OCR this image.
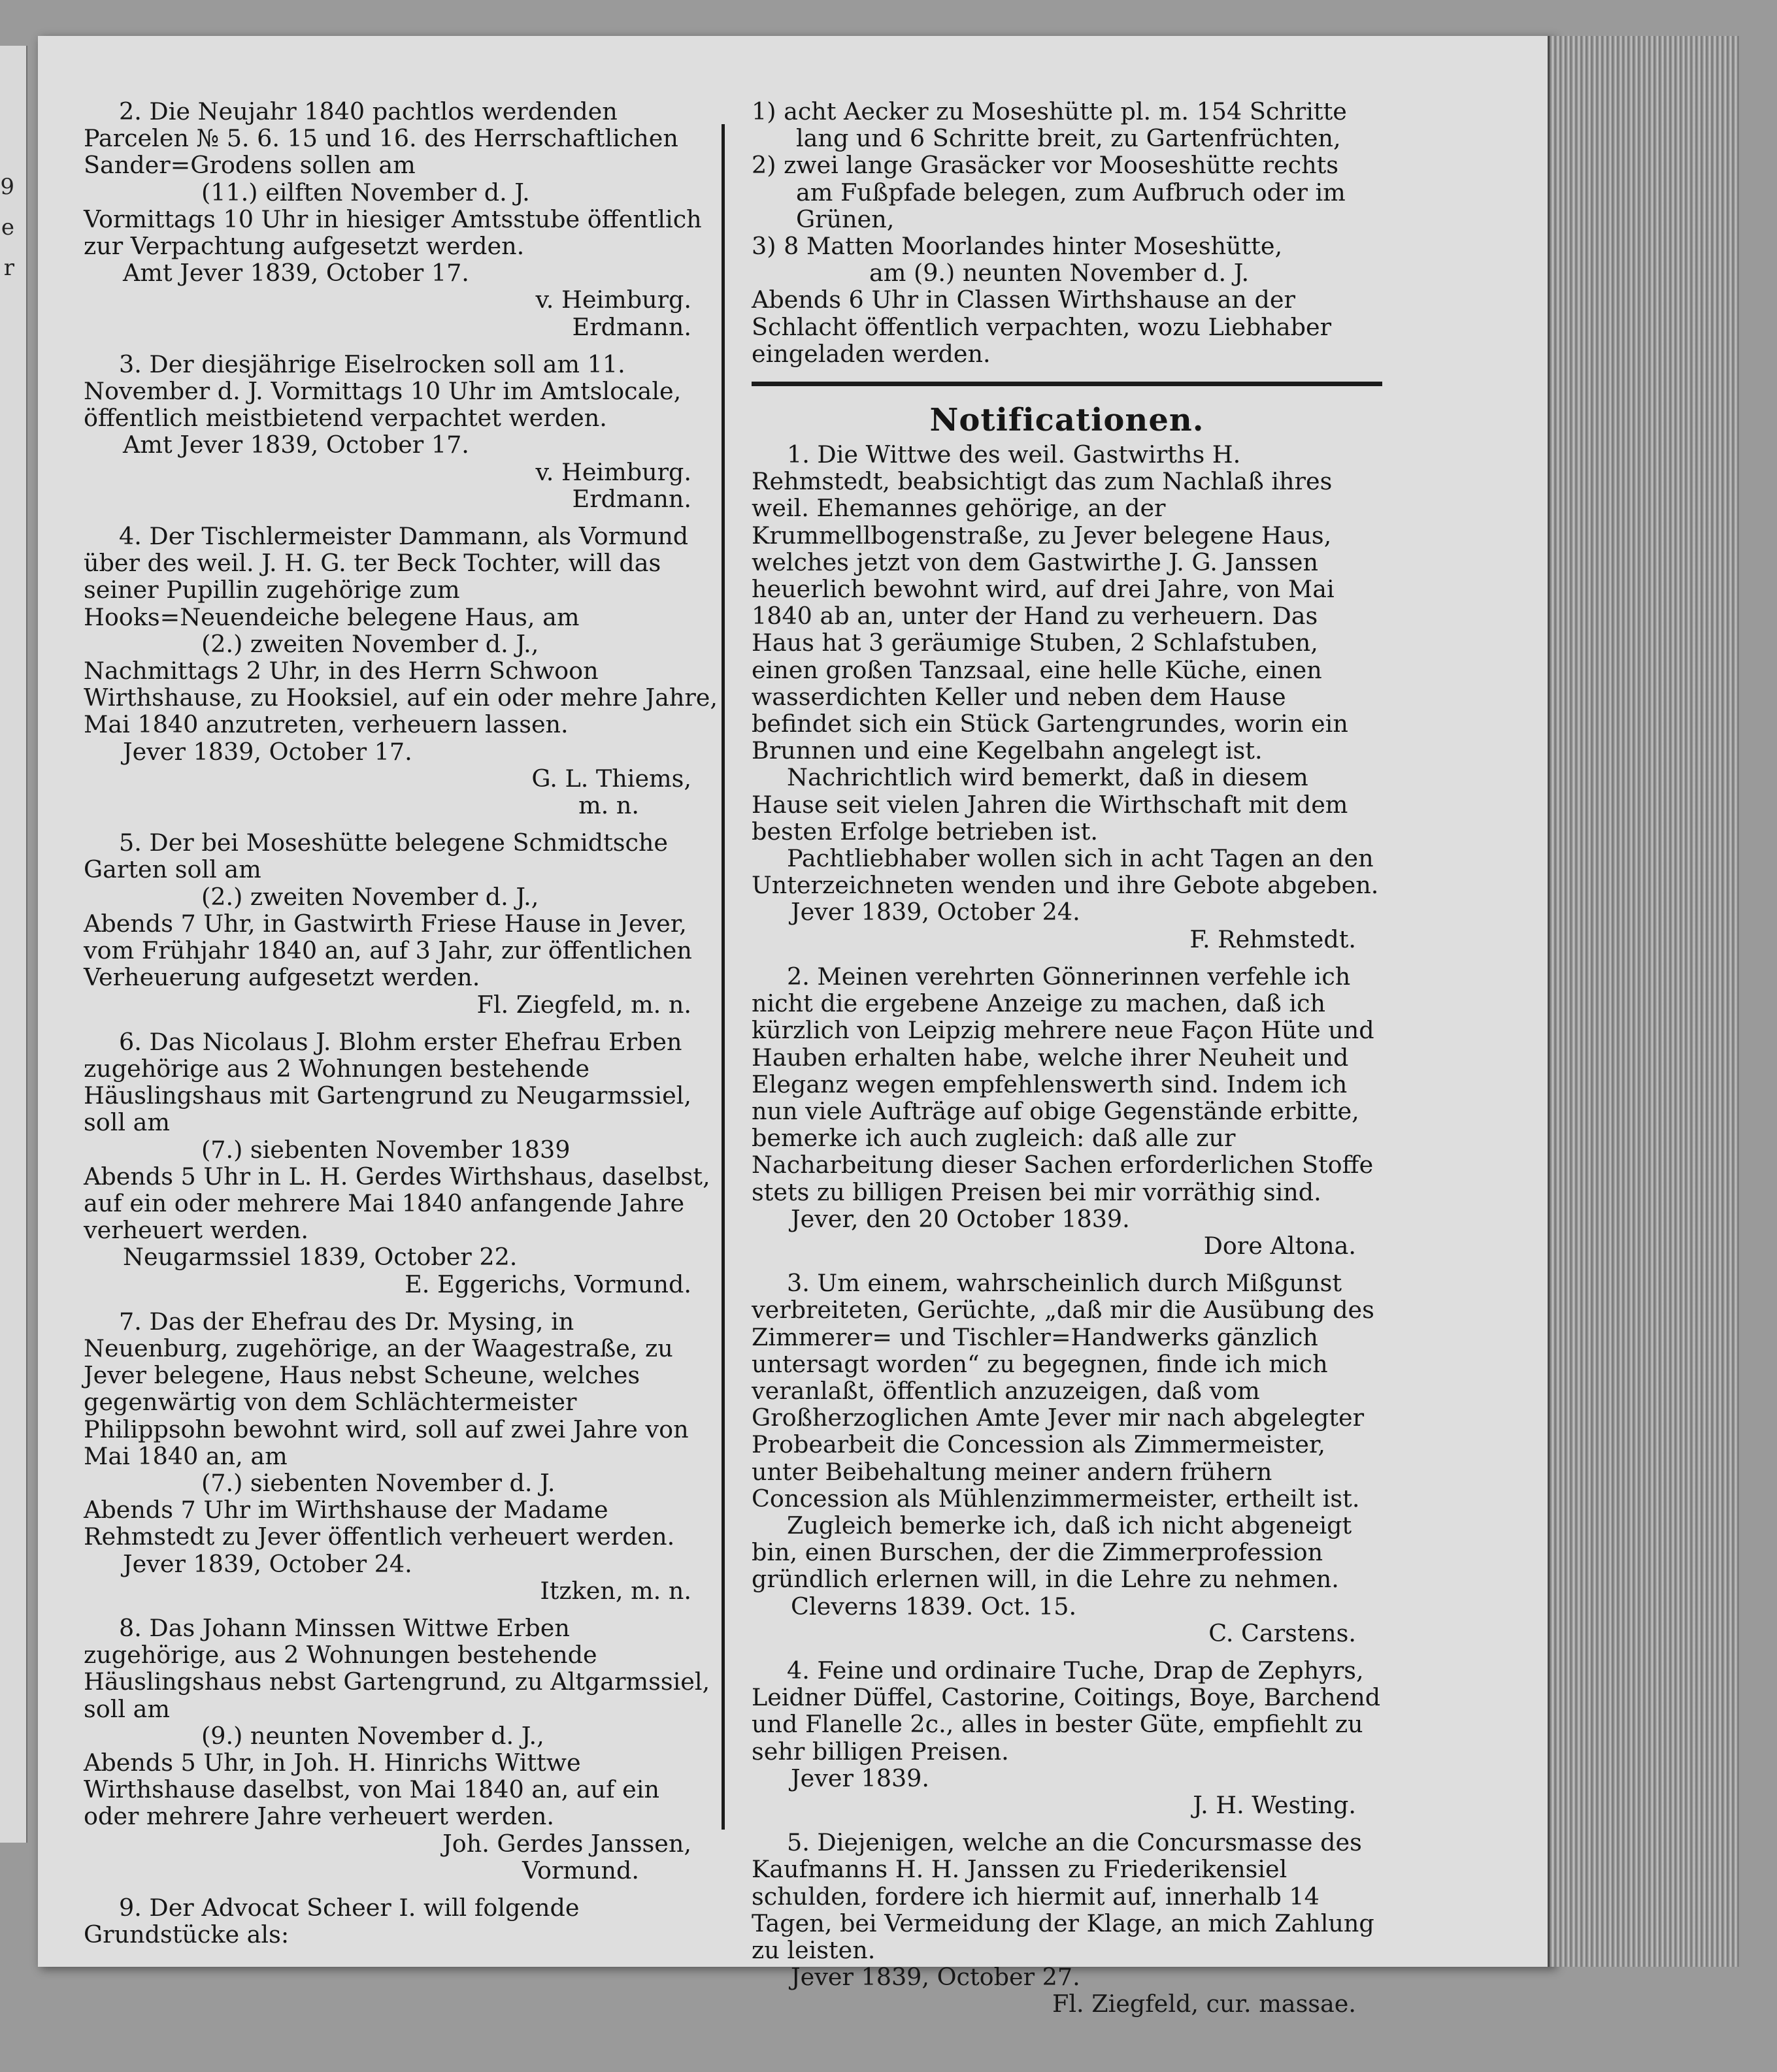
9
e
r

2. Die Neujahr 1840 pachtlos werdenden Parcelen № 5. 6. 15 und 16. des Herrschaftlichen Sander=Grodens sollen am

(11.) eilften November d. J.

Vormittags 10 Uhr in hiesiger Amtsstube öffentlich zur Verpachtung aufgesetzt werden.

Amt Jever 1839, October 17.

v. Heimburg.

Erdmann.

3. Der diesjährige Eiselrocken soll am 11. November d. J. Vormittags 10 Uhr im Amtslocale, öffentlich meistbietend verpachtet werden.

Amt Jever 1839, October 17.

v. Heimburg.

Erdmann.

4. Der Tischlermeister Dammann, als Vormund über des weil. J. H. G. ter Beck Tochter, will das seiner Pupillin zugehörige zum Hooks=Neuendeiche belegene Haus, am

(2.) zweiten November d. J.,

Nachmittags 2 Uhr, in des Herrn Schwoon Wirthshause, zu Hooksiel, auf ein oder mehre Jahre, Mai 1840 anzutreten, verheuern lassen.

Jever 1839, October 17.

G. L. Thiems,

m. n.

5. Der bei Moseshütte belegene Schmidtsche Garten soll am

(2.) zweiten November d. J.,

Abends 7 Uhr, in Gastwirth Friese Hause in Jever, vom Frühjahr 1840 an, auf 3 Jahr, zur öffentlichen Verheuerung aufgesetzt werden.

Fl. Ziegfeld, m. n.

6. Das Nicolaus J. Blohm erster Ehefrau Erben zugehörige aus 2 Wohnungen bestehende Häuslingshaus mit Gartengrund zu Neugarmssiel, soll am

(7.) siebenten November 1839

Abends 5 Uhr in L. H. Gerdes Wirthshaus, daselbst, auf ein oder mehrere Mai 1840 anfangende Jahre verheuert werden.

Neugarmssiel 1839, October 22.

E. Eggerichs, Vormund.

7. Das der Ehefrau des Dr. Mysing, in Neuenburg, zugehörige, an der Waagestraße, zu Jever belegene, Haus nebst Scheune, welches gegenwärtig von dem Schlächtermeister Philippsohn bewohnt wird, soll auf zwei Jahre von Mai 1840 an, am

(7.) siebenten November d. J.

Abends 7 Uhr im Wirthshause der Madame Rehmstedt zu Jever öffentlich verheuert werden.

Jever 1839, October 24.

Itzken, m. n.

8. Das Johann Minssen Wittwe Erben zugehörige, aus 2 Wohnungen bestehende Häuslingshaus nebst Gartengrund, zu Altgarmssiel, soll am

(9.) neunten November d. J.,

Abends 5 Uhr, in Joh. H. Hinrichs Wittwe Wirthshause daselbst, von Mai 1840 an, auf ein oder mehrere Jahre verheuert werden.

Joh. Gerdes Janssen,

Vormund.

9. Der Advocat Scheer I. will folgende Grundstücke als:

1) acht Aecker zu Moseshütte pl. m. 154 Schritte lang und 6 Schritte breit, zu Gartenfrüchten,

2) zwei lange Grasäcker vor Mooseshütte rechts am Fußpfade belegen, zum Aufbruch oder im Grünen,

3) 8 Matten Moorlandes hinter Moseshütte,

am (9.) neunten November d. J.

Abends 6 Uhr in Classen Wirthshause an der Schlacht öffentlich verpachten, wozu Liebhaber eingeladen werden.

Notificationen.

1. Die Wittwe des weil. Gastwirths H. Rehmstedt, beabsichtigt das zum Nachlaß ihres weil. Ehemannes gehörige, an der Krummellbogenstraße, zu Jever belegene Haus, welches jetzt von dem Gastwirthe J. G. Janssen heuerlich bewohnt wird, auf drei Jahre, von Mai 1840 ab an, unter der Hand zu verheuern. Das Haus hat 3 geräumige Stuben, 2 Schlafstuben, einen großen Tanzsaal, eine helle Küche, einen wasserdichten Keller und neben dem Hause befindet sich ein Stück Gartengrundes, worin ein Brunnen und eine Kegelbahn angelegt ist.

Nachrichtlich wird bemerkt, daß in diesem Hause seit vielen Jahren die Wirthschaft mit dem besten Erfolge betrieben ist.

Pachtliebhaber wollen sich in acht Tagen an den Unterzeichneten wenden und ihre Gebote abgeben.

Jever 1839, October 24.

F. Rehmstedt.

2. Meinen verehrten Gönnerinnen verfehle ich nicht die ergebene Anzeige zu machen, daß ich kürzlich von Leipzig mehrere neue Façon Hüte und Hauben erhalten habe, welche ihrer Neuheit und Eleganz wegen empfehlenswerth sind. Indem ich nun viele Aufträge auf obige Gegenstände erbitte, bemerke ich auch zugleich: daß alle zur Nacharbeitung dieser Sachen erforderlichen Stoffe stets zu billigen Preisen bei mir vorräthig sind.

Jever, den 20 October 1839.

Dore Altona.

3. Um einem, wahrscheinlich durch Mißgunst verbreiteten, Gerüchte, „daß mir die Ausübung des Zimmerer= und Tischler=Handwerks gänzlich untersagt worden“ zu begegnen, finde ich mich veranlaßt, öffentlich anzuzeigen, daß vom Großherzoglichen Amte Jever mir nach abgelegter Probearbeit die Concession als Zimmermeister, unter Beibehaltung meiner andern frühern Concession als Mühlenzimmermeister, ertheilt ist.

Zugleich bemerke ich, daß ich nicht abgeneigt bin, einen Burschen, der die Zimmerprofession gründlich erlernen will, in die Lehre zu nehmen.

Cleverns 1839. Oct. 15.

C. Carstens.

4. Feine und ordinaire Tuche, Drap de Zephyrs, Leidner Düffel, Castorine, Coitings, Boye, Barchend und Flanelle 2c., alles in bester Güte, empfiehlt zu sehr billigen Preisen.

Jever 1839.

J. H. Westing.

5. Diejenigen, welche an die Concursmasse des Kaufmanns H. H. Janssen zu Friederikensiel schulden, fordere ich hiermit auf, innerhalb 14 Tagen, bei Vermeidung der Klage, an mich Zahlung zu leisten.

Jever 1839, October 27.

Fl. Ziegfeld, cur. massae.
